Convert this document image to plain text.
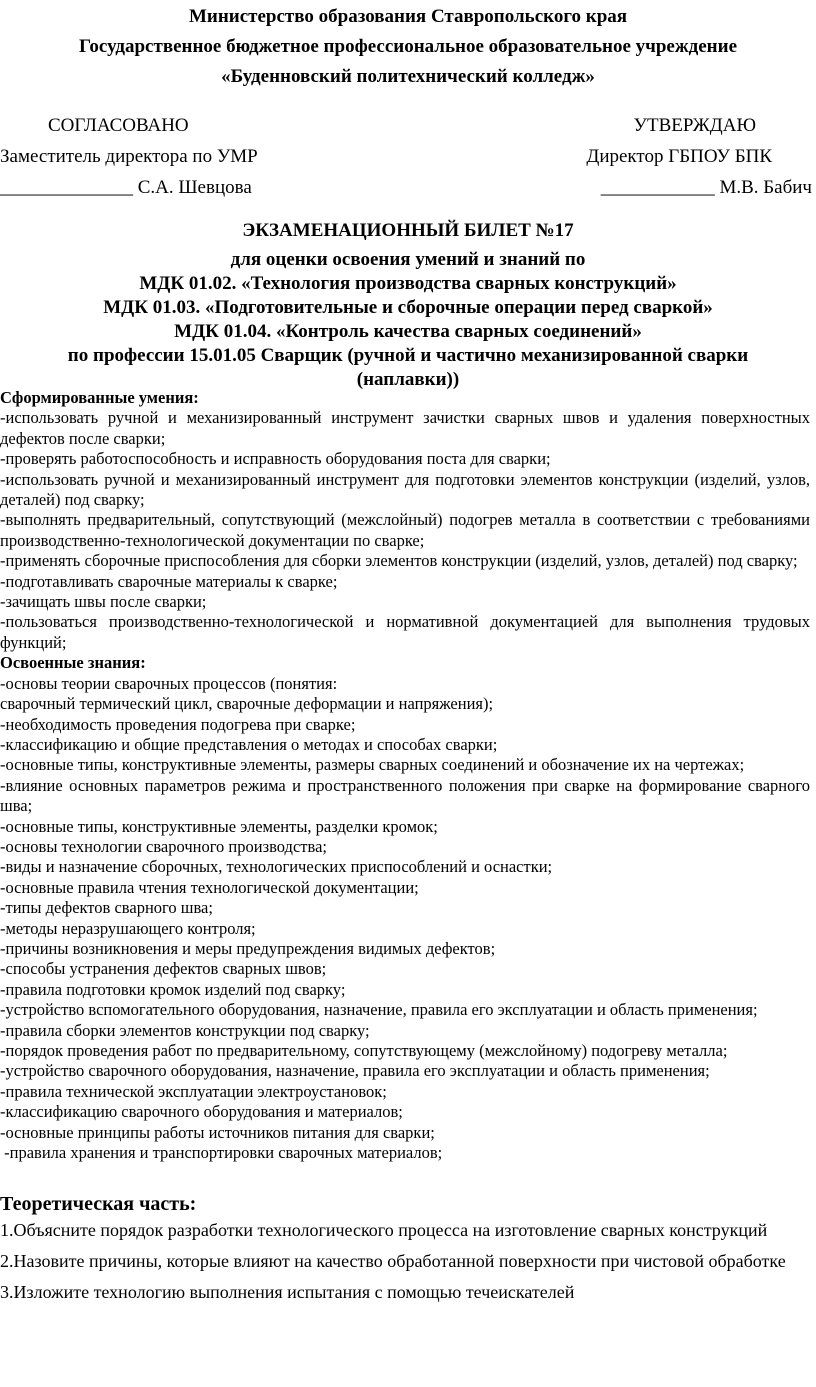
Министерство образования Ставропольского края
Государственное бюджетное профессиональное образовательное учреждение
«Буденновский политехнический колледж»
СОГЛАСОВАНО	УТВЕРЖДАЮ
Заместитель директора по УМР	Директор ГБПОУ БПК
______________ С.А. Шевцова	____________ М.В. Бабич
ЭКЗАМЕНАЦИОННЫЙ БИЛЕТ №17
для оценки освоения умений и знаний по
МДК 01.02. «Технология производства сварных конструкций»
МДК 01.03. «Подготовительные и сборочные операции перед сваркой»
МДК 01.04. «Контроль качества сварных соединений»
по профессии 15.01.05 Сварщик (ручной и частично механизированной сварки (наплавки))
Сформированные умения:
-использовать ручной и механизированный инструмент зачистки сварных швов и удаления поверхностных дефектов после сварки;
-проверять работоспособность и исправность оборудования поста для сварки;
-использовать ручной и механизированный инструмент для подготовки элементов конструкции (изделий, узлов, деталей) под сварку;
-выполнять предварительный, сопутствующий (межслойный) подогрев металла в соответствии с требованиями производственно-технологической документации по сварке;
-применять сборочные приспособления для сборки элементов конструкции (изделий, узлов, деталей) под сварку;
-подготавливать сварочные материалы к сварке;
-зачищать швы после сварки;
-пользоваться производственно-технологической и нормативной документацией для выполнения трудовых функций;
Освоенные знания:
-основы теории сварочных процессов (понятия:
сварочный термический цикл, сварочные деформации и напряжения);
-необходимость проведения подогрева при сварке;
-классификацию и общие представления о методах и способах сварки;
-основные типы, конструктивные элементы, размеры сварных соединений и обозначение их на чертежах;
-влияние основных параметров режима и пространственного положения при сварке на формирование сварного шва;
-основные типы, конструктивные элементы, разделки кромок;
-основы технологии сварочного производства;
-виды и назначение сборочных, технологических приспособлений и оснастки;
-основные правила чтения технологической документации;
-типы дефектов сварного шва;
-методы неразрушающего контроля;
-причины возникновения и меры предупреждения видимых дефектов;
-способы устранения дефектов сварных швов;
-правила подготовки кромок изделий под сварку;
-устройство вспомогательного оборудования, назначение, правила его эксплуатации и область применения;
-правила сборки элементов конструкции под сварку;
-порядок проведения работ по предварительному, сопутствующему (межслойному) подогреву металла;
-устройство сварочного оборудования, назначение, правила его эксплуатации и область применения;
-правила технической эксплуатации электроустановок;
-классификацию сварочного оборудования и материалов;
-основные принципы работы источников питания для сварки;
-правила хранения и транспортировки сварочных материалов;
Теоретическая часть:
1.Объясните порядок разработки технологического процесса на изготовление сварных конструкций
2.Назовите причины, которые влияют на качество обработанной поверхности при чистовой обработке
3.Изложите технологию выполнения испытания с помощью течеискателей
